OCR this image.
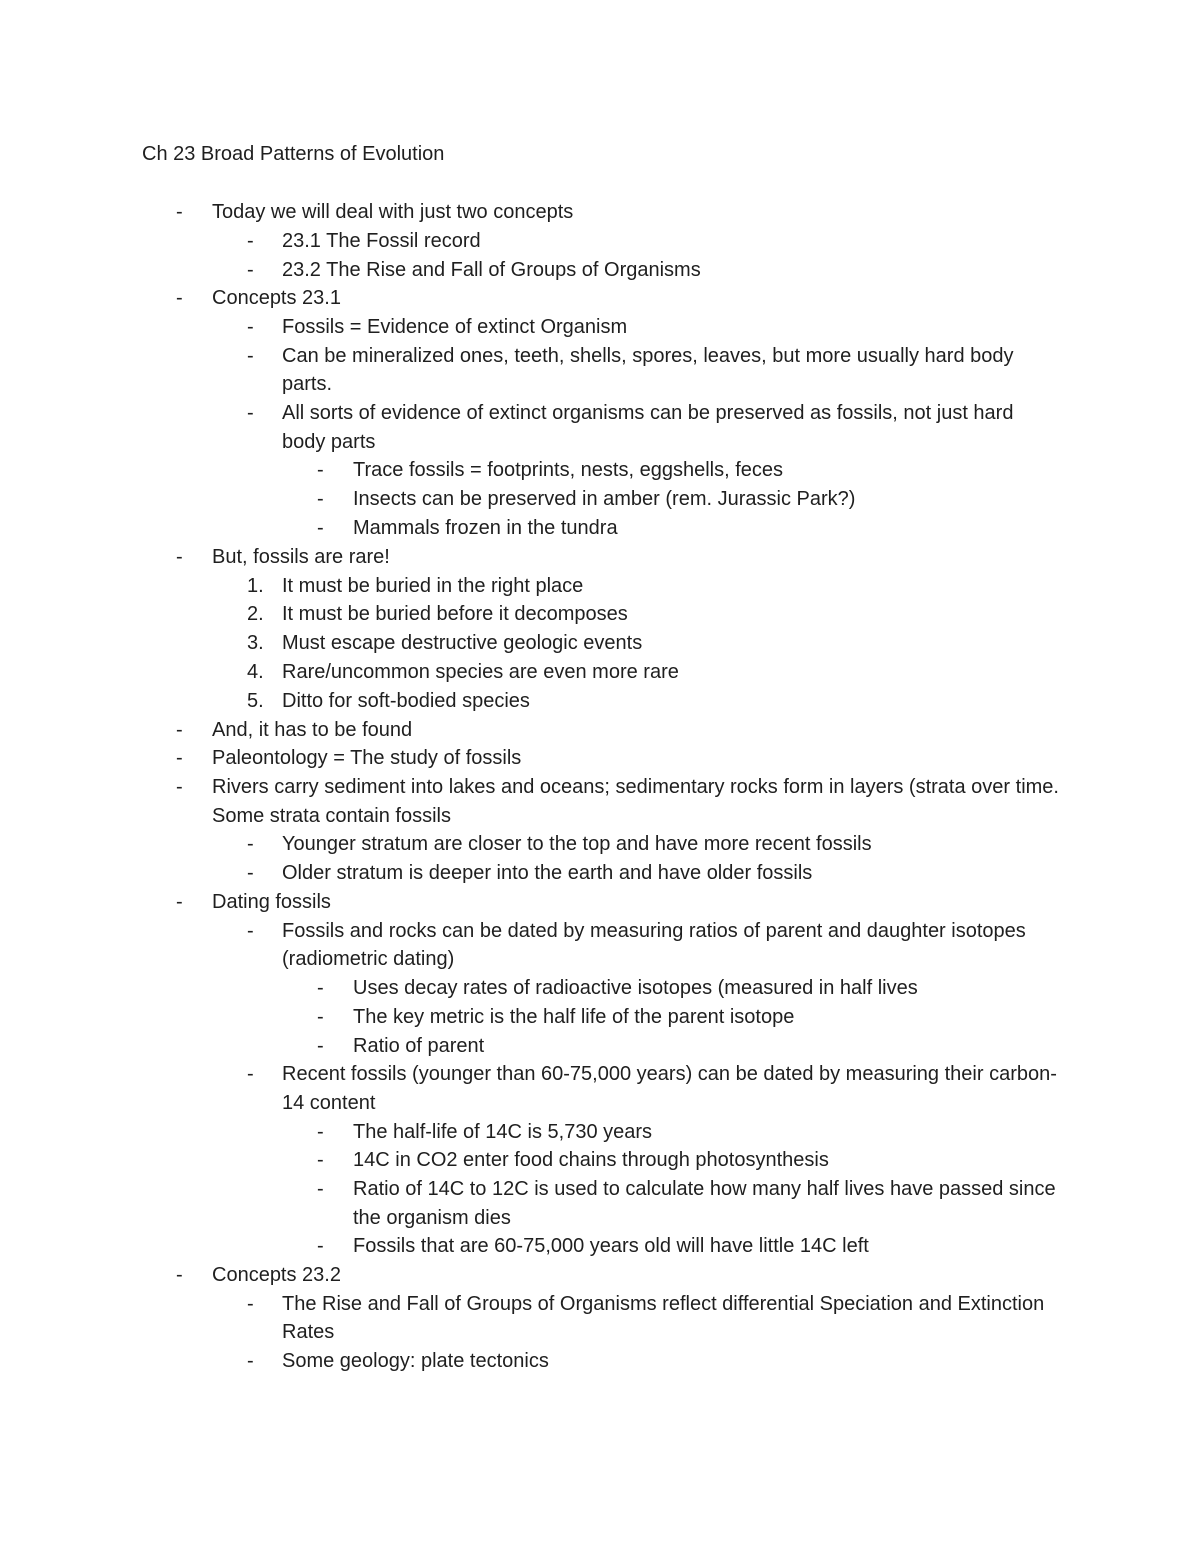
Ch 23 Broad Patterns of Evolution
- Today we will deal with just two concepts
- 23.1 The Fossil record
- 23.2 The Rise and Fall of Groups of Organisms
- Concepts 23.1
- Fossils = Evidence of extinct Organism
- Can be mineralized ones, teeth, shells, spores, leaves, but more usually hard body parts.
- All sorts of evidence of extinct organisms can be preserved as fossils, not just hard body parts
- Trace fossils = footprints, nests, eggshells, feces
- Insects can be preserved in amber (rem. Jurassic Park?)
- Mammals frozen in the tundra
- But, fossils are rare!
1. It must be buried in the right place
2. It must be buried before it decomposes
3. Must escape destructive geologic events
4. Rare/uncommon species are even more rare
5. Ditto for soft-bodied species
- And, it has to be found
- Paleontology = The study of fossils
- Rivers carry sediment into lakes and oceans; sedimentary rocks form in layers (strata over time. Some strata contain fossils
- Younger stratum are closer to the top and have more recent fossils
- Older stratum is deeper into the earth and have older fossils
- Dating fossils
- Fossils and rocks can be dated by measuring ratios of parent and daughter isotopes (radiometric dating)
- Uses decay rates of radioactive isotopes (measured in half lives
- The key metric is the half life of the parent isotope
- Ratio of parent
- Recent fossils (younger than 60-75,000 years) can be dated by measuring their carbon-14 content
- The half-life of 14C is 5,730 years
- 14C in CO2 enter food chains through photosynthesis
- Ratio of 14C to 12C is used to calculate how many half lives have passed since the organism dies
- Fossils that are 60-75,000 years old will have little 14C left
- Concepts 23.2
- The Rise and Fall of Groups of Organisms reflect differential Speciation and Extinction Rates
- Some geology: plate tectonics
